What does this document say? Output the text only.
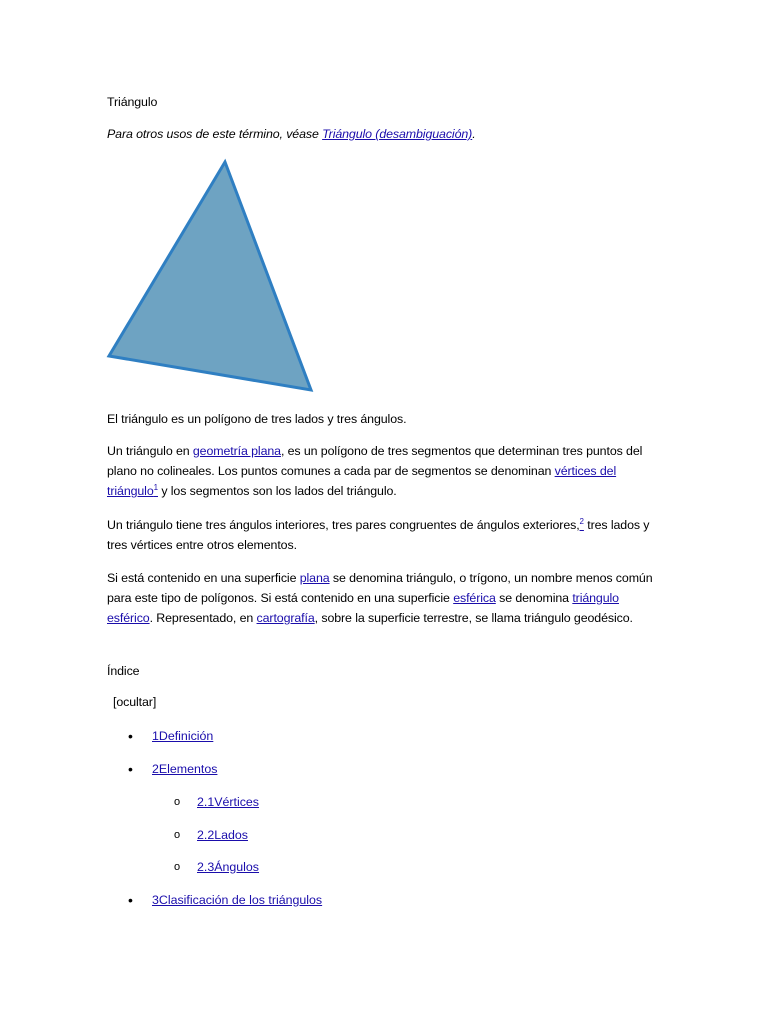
Triángulo

Para otros usos de este término, véase Triángulo (desambiguación).

El triángulo es un polígono de tres lados y tres ángulos.

Un triángulo en geometría plana, es un polígono de tres segmentos que determinan tres puntos del plano no colineales. Los puntos comunes a cada par de segmentos se denominan vértices del triángulo$^1$ y los segmentos son los lados del triángulo.

Un triángulo tiene tres ángulos interiores, tres pares congruentes de ángulos exteriores,$^2$ tres lados y tres vértices entre otros elementos.

Si está contenido en una superficie plana se denomina triángulo, o trígono, un nombre menos común para este tipo de polígonos. Si está contenido en una superficie esférica se denomina triángulo esférico. Representado, en cartografía, sobre la superficie terrestre, se llama triángulo geodésico.

Índice

[ocultar]

• 1Definición
• 2Elementos
o 2.1Vértices
o 2.2Lados
o 2.3Ángulos
• 3Clasificación de los triángulos
